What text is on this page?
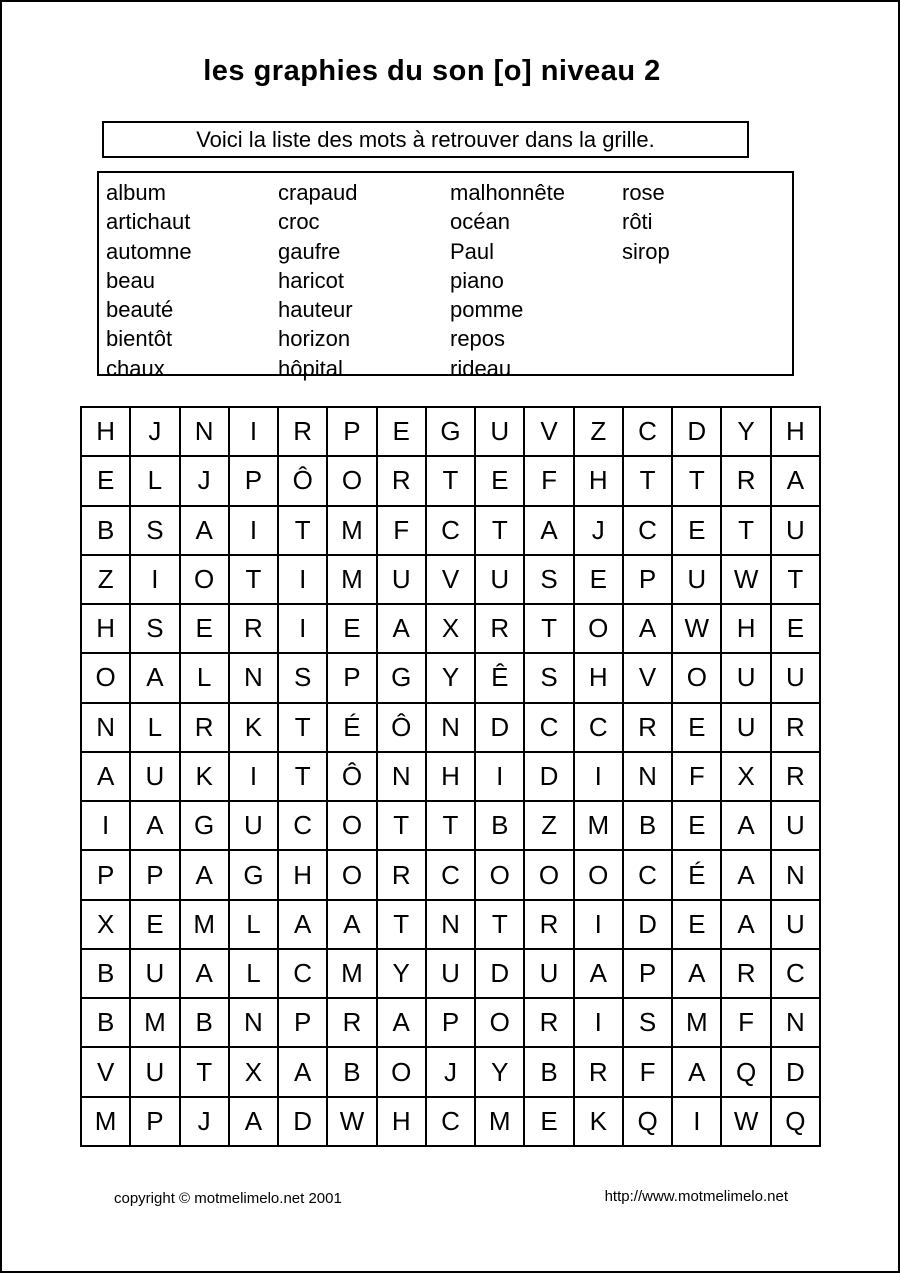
les graphies du son [o] niveau 2
Voici la liste des mots à retrouver dans la grille.
album
artichaut
automne
beau
beauté
bientôt
chaux
crapaud
croc
gaufre
haricot
hauteur
horizon
hôpital
malhonnête
océan
Paul
piano
pomme
repos
rideau
rose
rôti
sirop
H	J	N	I	R	P	E	G	U	V	Z	C	D	Y	H
E	L	J	P	Ô	O	R	T	E	F	H	T	T	R	A
B	S	A	I	T	M	F	C	T	A	J	C	E	T	U
Z	I	O	T	I	M	U	V	U	S	E	P	U	W	T
H	S	E	R	I	E	A	X	R	T	O	A	W	H	E
O	A	L	N	S	P	G	Y	Ê	S	H	V	O	U	U
N	L	R	K	T	É	Ô	N	D	C	C	R	E	U	R
A	U	K	I	T	Ô	N	H	I	D	I	N	F	X	R
I	A	G	U	C	O	T	T	B	Z	M	B	E	A	U
P	P	A	G	H	O	R	C	O	O	O	C	É	A	N
X	E	M	L	A	A	T	N	T	R	I	D	E	A	U
B	U	A	L	C	M	Y	U	D	U	A	P	A	R	C
B	M	B	N	P	R	A	P	O	R	I	S	M	F	N
V	U	T	X	A	B	O	J	Y	B	R	F	A	Q	D
M	P	J	A	D	W	H	C	M	E	K	Q	I	W	Q
copyright © motmelimelo.net 2001	http://www.motmelimelo.net
